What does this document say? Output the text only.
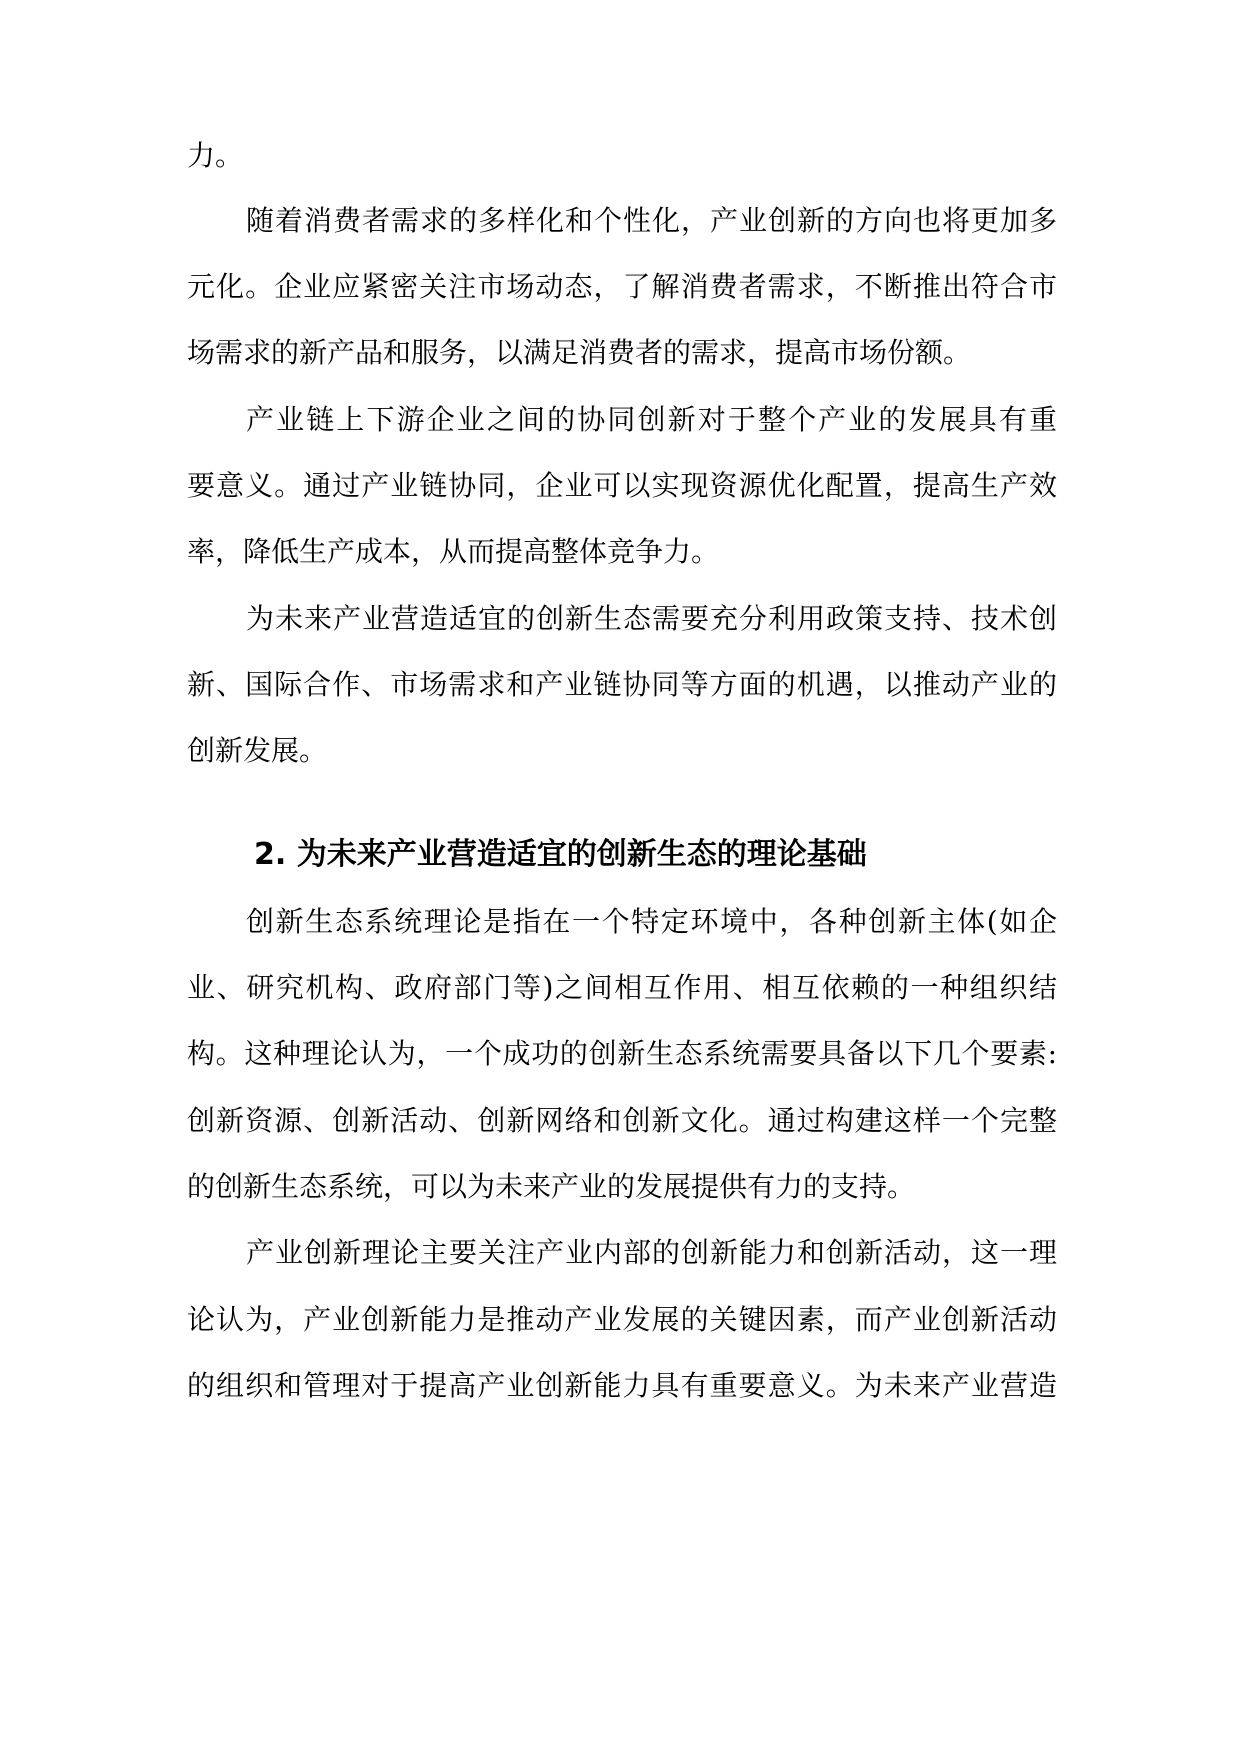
力。
随着消费者需求的多样化和个性化，产业创新的方向也将更加多
元化。企业应紧密关注市场动态，了解消费者需求，不断推出符合市
场需求的新产品和服务，以满足消费者的需求，提高市场份额。
产业链上下游企业之间的协同创新对于整个产业的发展具有重
要意义。通过产业链协同，企业可以实现资源优化配置，提高生产效
率，降低生产成本，从而提高整体竞争力。
为未来产业营造适宜的创新生态需要充分利用政策支持、技术创
新、国际合作、市场需求和产业链协同等方面的机遇，以推动产业的
创新发展。
2. 为未来产业营造适宜的创新生态的理论基础
创新生态系统理论是指在一个特定环境中，各种创新主体(如企
业、研究机构、政府部门等)之间相互作用、相互依赖的一种组织结
构。这种理论认为，一个成功的创新生态系统需要具备以下几个要素:
创新资源、创新活动、创新网络和创新文化。通过构建这样一个完整
的创新生态系统，可以为未来产业的发展提供有力的支持。
产业创新理论主要关注产业内部的创新能力和创新活动，这一理
论认为，产业创新能力是推动产业发展的关键因素，而产业创新活动
的组织和管理对于提高产业创新能力具有重要意义。为未来产业营造
